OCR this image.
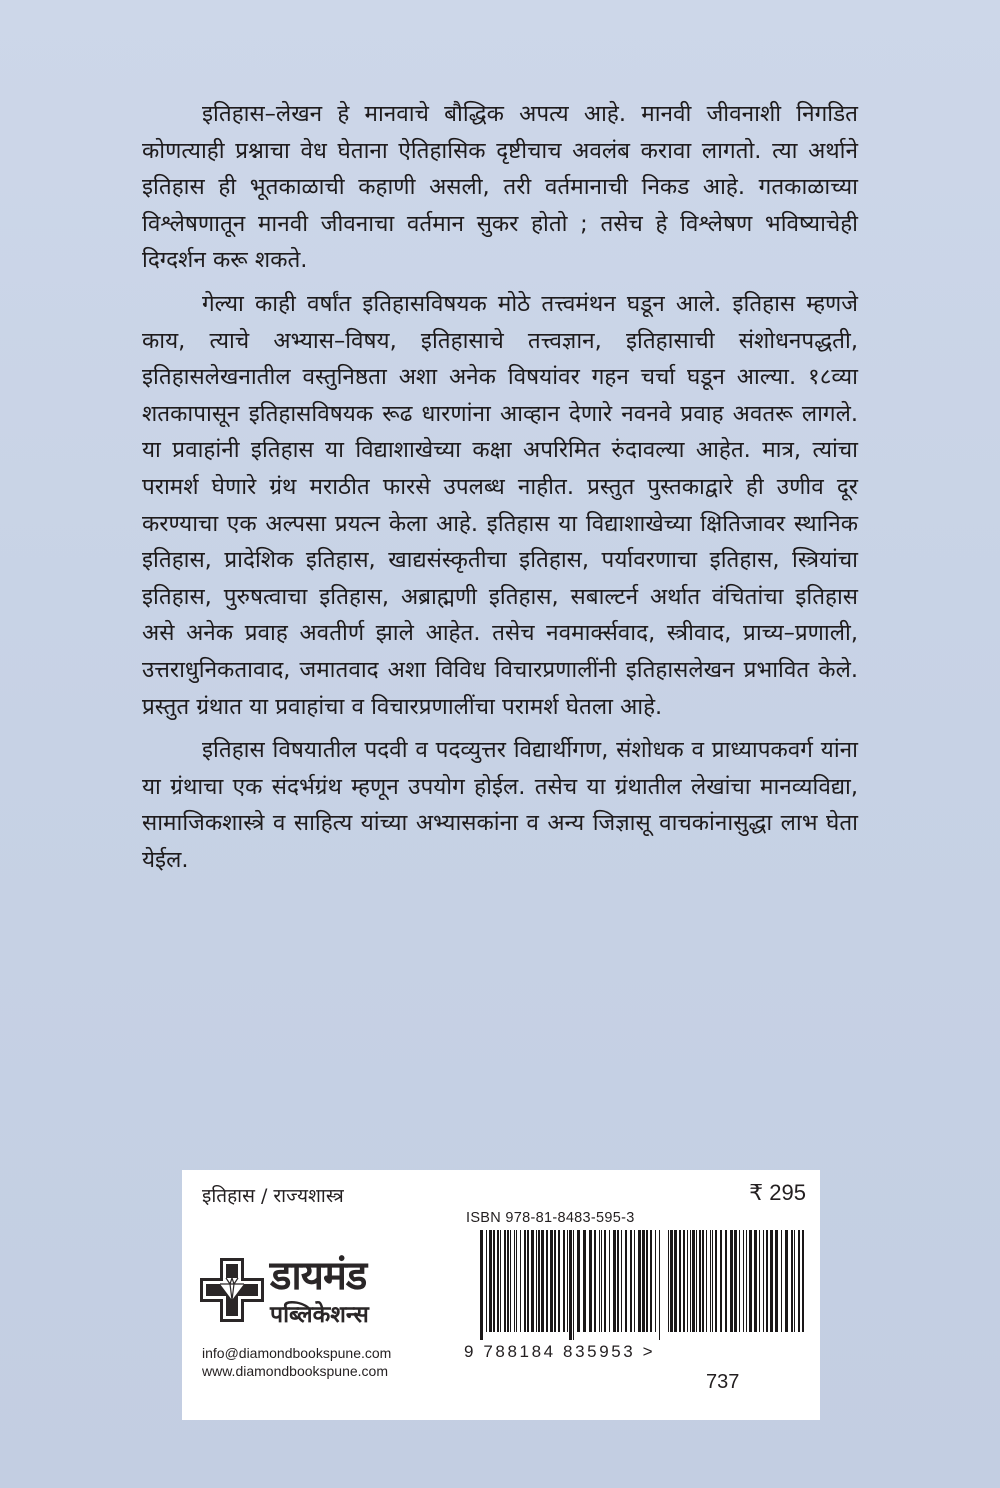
इतिहास–लेखन हे मानवाचे बौद्धिक अपत्य आहे. मानवी जीवनाशी निगडित कोणत्याही प्रश्नाचा वेध घेताना ऐतिहासिक दृष्टीचाच अवलंब करावा लागतो. त्या अर्थाने इतिहास ही भूतकाळाची कहाणी असली, तरी वर्तमानाची निकड आहे. गतकाळाच्या विश्लेषणातून मानवी जीवनाचा वर्तमान सुकर होतो ; तसेच हे विश्लेषण भविष्याचेही दिग्दर्शन करू शकते.

गेल्या काही वर्षांत इतिहासविषयक मोठे तत्त्वमंथन घडून आले. इतिहास म्हणजे काय, त्याचे अभ्यास–विषय, इतिहासाचे तत्त्वज्ञान, इतिहासाची संशोधनपद्धती, इतिहासलेखनातील वस्तुनिष्ठता अशा अनेक विषयांवर गहन चर्चा घडून आल्या. १८व्या शतकापासून इतिहासविषयक रूढ धारणांना आव्हान देणारे नवनवे प्रवाह अवतरू लागले. या प्रवाहांनी इतिहास या विद्याशाखेच्या कक्षा अपरिमित रुंदावल्या आहेत. मात्र, त्यांचा परामर्श घेणारे ग्रंथ मराठीत फारसे उपलब्ध नाहीत. प्रस्तुत पुस्तकाद्वारे ही उणीव दूर करण्याचा एक अल्पसा प्रयत्न केला आहे. इतिहास या विद्याशाखेच्या क्षितिजावर स्थानिक इतिहास, प्रादेशिक इतिहास, खाद्यसंस्कृतीचा इतिहास, पर्यावरणाचा इतिहास, स्त्रियांचा इतिहास, पुरुषत्वाचा इतिहास, अब्राह्मणी इतिहास, सबाल्टर्न अर्थात वंचितांचा इतिहास असे अनेक प्रवाह अवतीर्ण झाले आहेत. तसेच नवमार्क्सवाद, स्त्रीवाद, प्राच्य–प्रणाली, उत्तराधुनिकतावाद, जमातवाद अशा विविध विचारप्रणालींनी इतिहासलेखन प्रभावित केले. प्रस्तुत ग्रंथात या प्रवाहांचा व विचारप्रणालींचा परामर्श घेतला आहे.

इतिहास विषयातील पदवी व पदव्युत्तर विद्यार्थीगण, संशोधक व प्राध्यापकवर्ग यांना या ग्रंथाचा एक संदर्भग्रंथ म्हणून उपयोग होईल. तसेच या ग्रंथातील लेखांचा मानव्यविद्या, सामाजिकशास्त्रे व साहित्य यांच्या अभ्यासकांना व अन्य जिज्ञासू वाचकांनासुद्धा लाभ घेता येईल.

इतिहास / राज्यशास्त्र	₹ 295
ISBN 978-81-8483-595-3
9 788184 835953 >
737
डायमंड
पब्लिकेशन्स
info@diamondbookspune.com
www.diamondbookspune.com
